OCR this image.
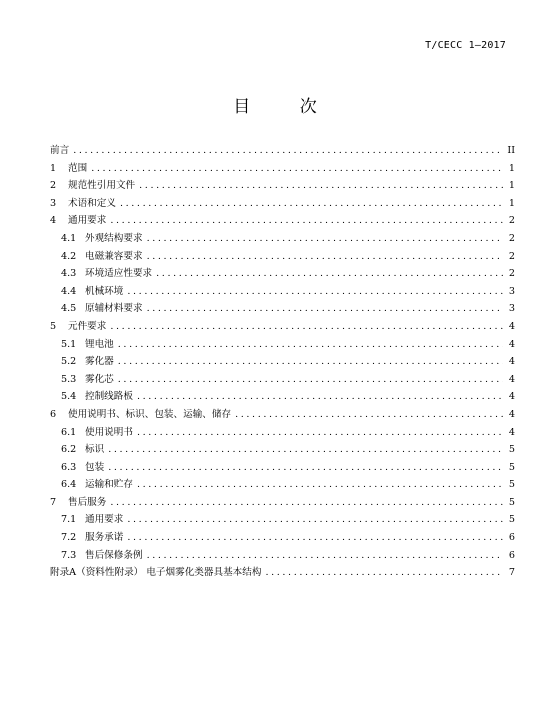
T/CECC 1—2017
目 次
前言 .....	II
1	范围 .....	1
2	规范性引用文件 .....	1
3	术语和定义 .....	1
4	通用要求 .....	2
4.1 外观结构要求 .....	2
4.2 电磁兼容要求 .....	2
4.3 环境适应性要求 .....	2
4.4 机械环境 .....	3
4.5 原辅材料要求 .....	3
5	元件要求 .....	4
5.1 锂电池 .....	4
5.2 雾化器 .....	4
5.3 雾化芯 .....	4
5.4 控制线路板 .....	4
6	使用说明书、标识、包装、运输、储存 .....	4
6.1 使用说明书 .....	4
6.2 标识 .....	5
6.3 包装 .....	5
6.4 运输和贮存 .....	5
7	售后服务 .....	5
7.1 通用要求 .....	5
7.2 服务承诺 .....	6
7.3 售后保修条例 .....	6
附录A（资料性附录） 电子烟雾化类器具基本结构 .....	7
